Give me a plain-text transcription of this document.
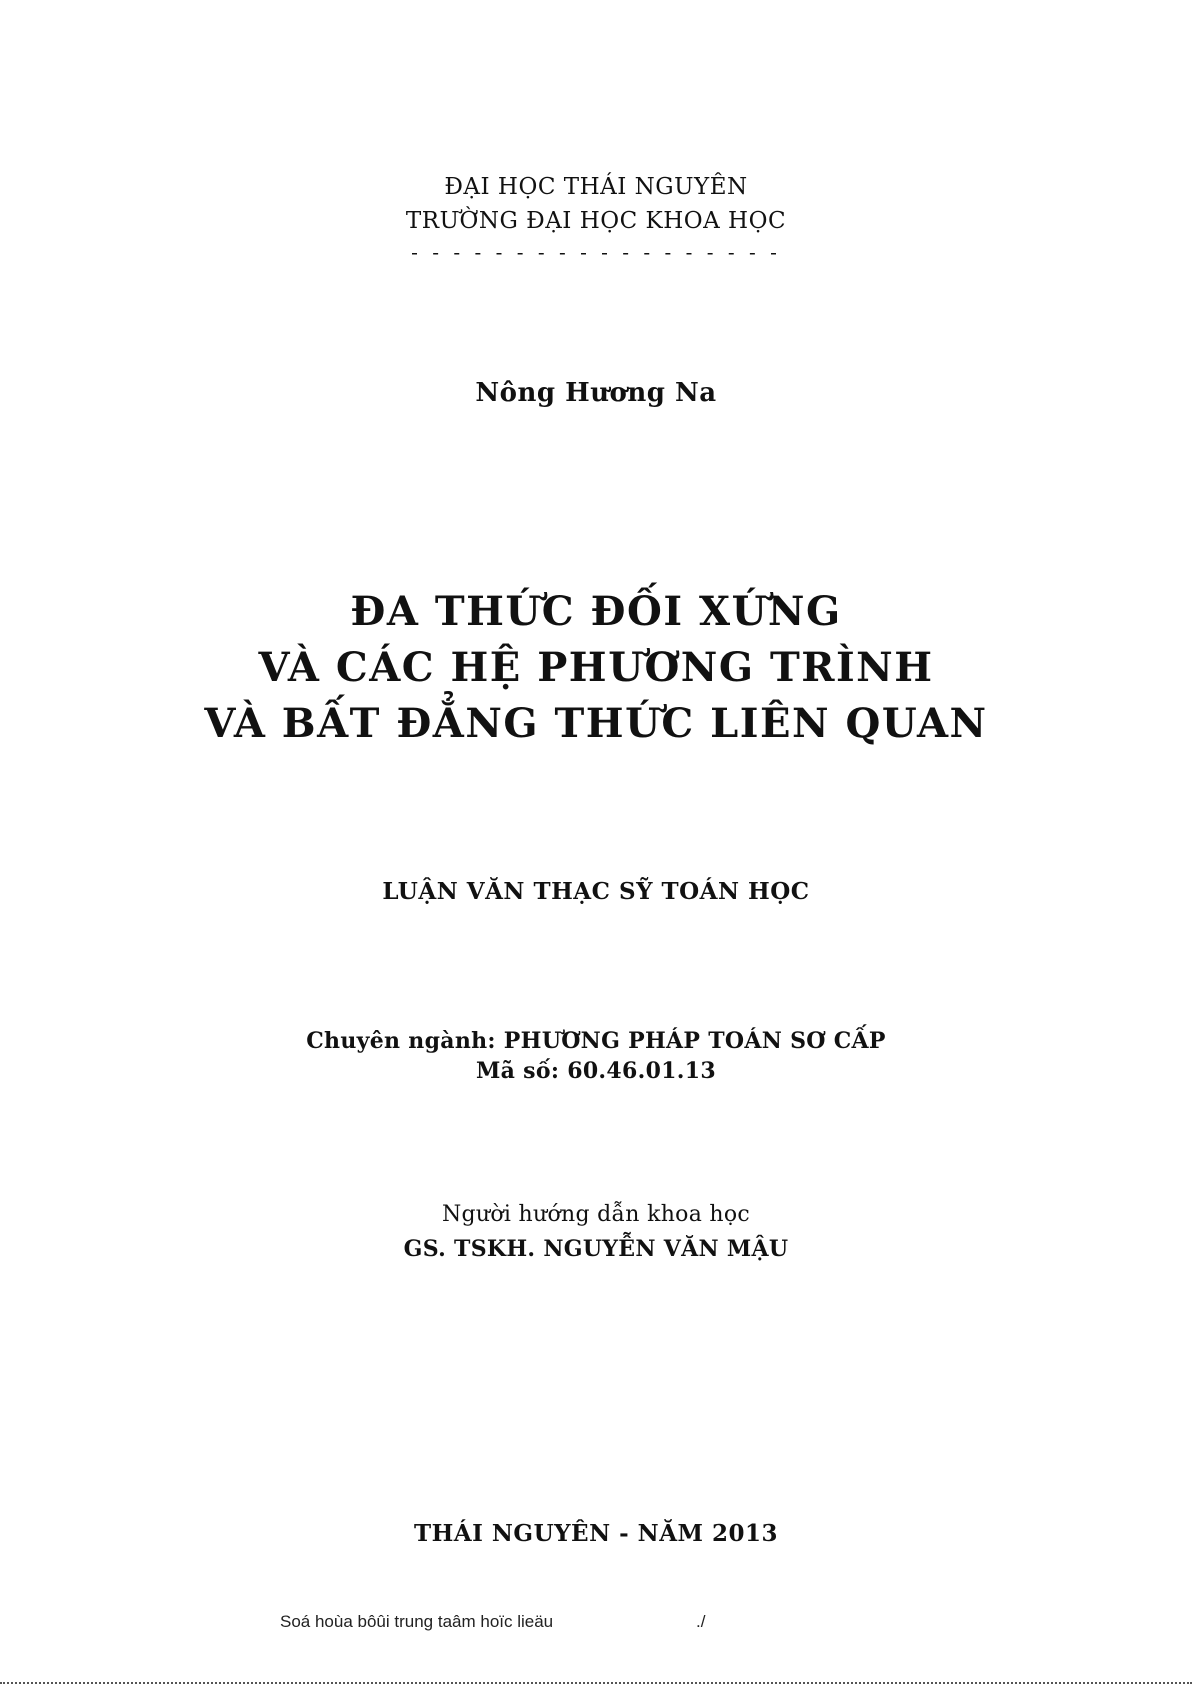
ĐẠI HỌC THÁI NGUYÊN
TRƯỜNG ĐẠI HỌC KHOA HỌC
- - - - - - - - - - - - - - - - - -
Nông Hương Na
ĐA THỨC ĐỐI XỨNG
VÀ CÁC HỆ PHƯƠNG TRÌNH
VÀ BẤT ĐẲNG THỨC LIÊN QUAN
LUẬN VĂN THẠC SỸ TOÁN HỌC
Chuyên ngành: PHƯƠNG PHÁP TOÁN SƠ CẤP
Mã số: 60.46.01.13
Người hướng dẫn khoa học
GS. TSKH. NGUYỄN VĂN MẬU
THÁI NGUYÊN - NĂM 2013
Soá hoùa bôûi trung taâm hoïc lieäu	./
